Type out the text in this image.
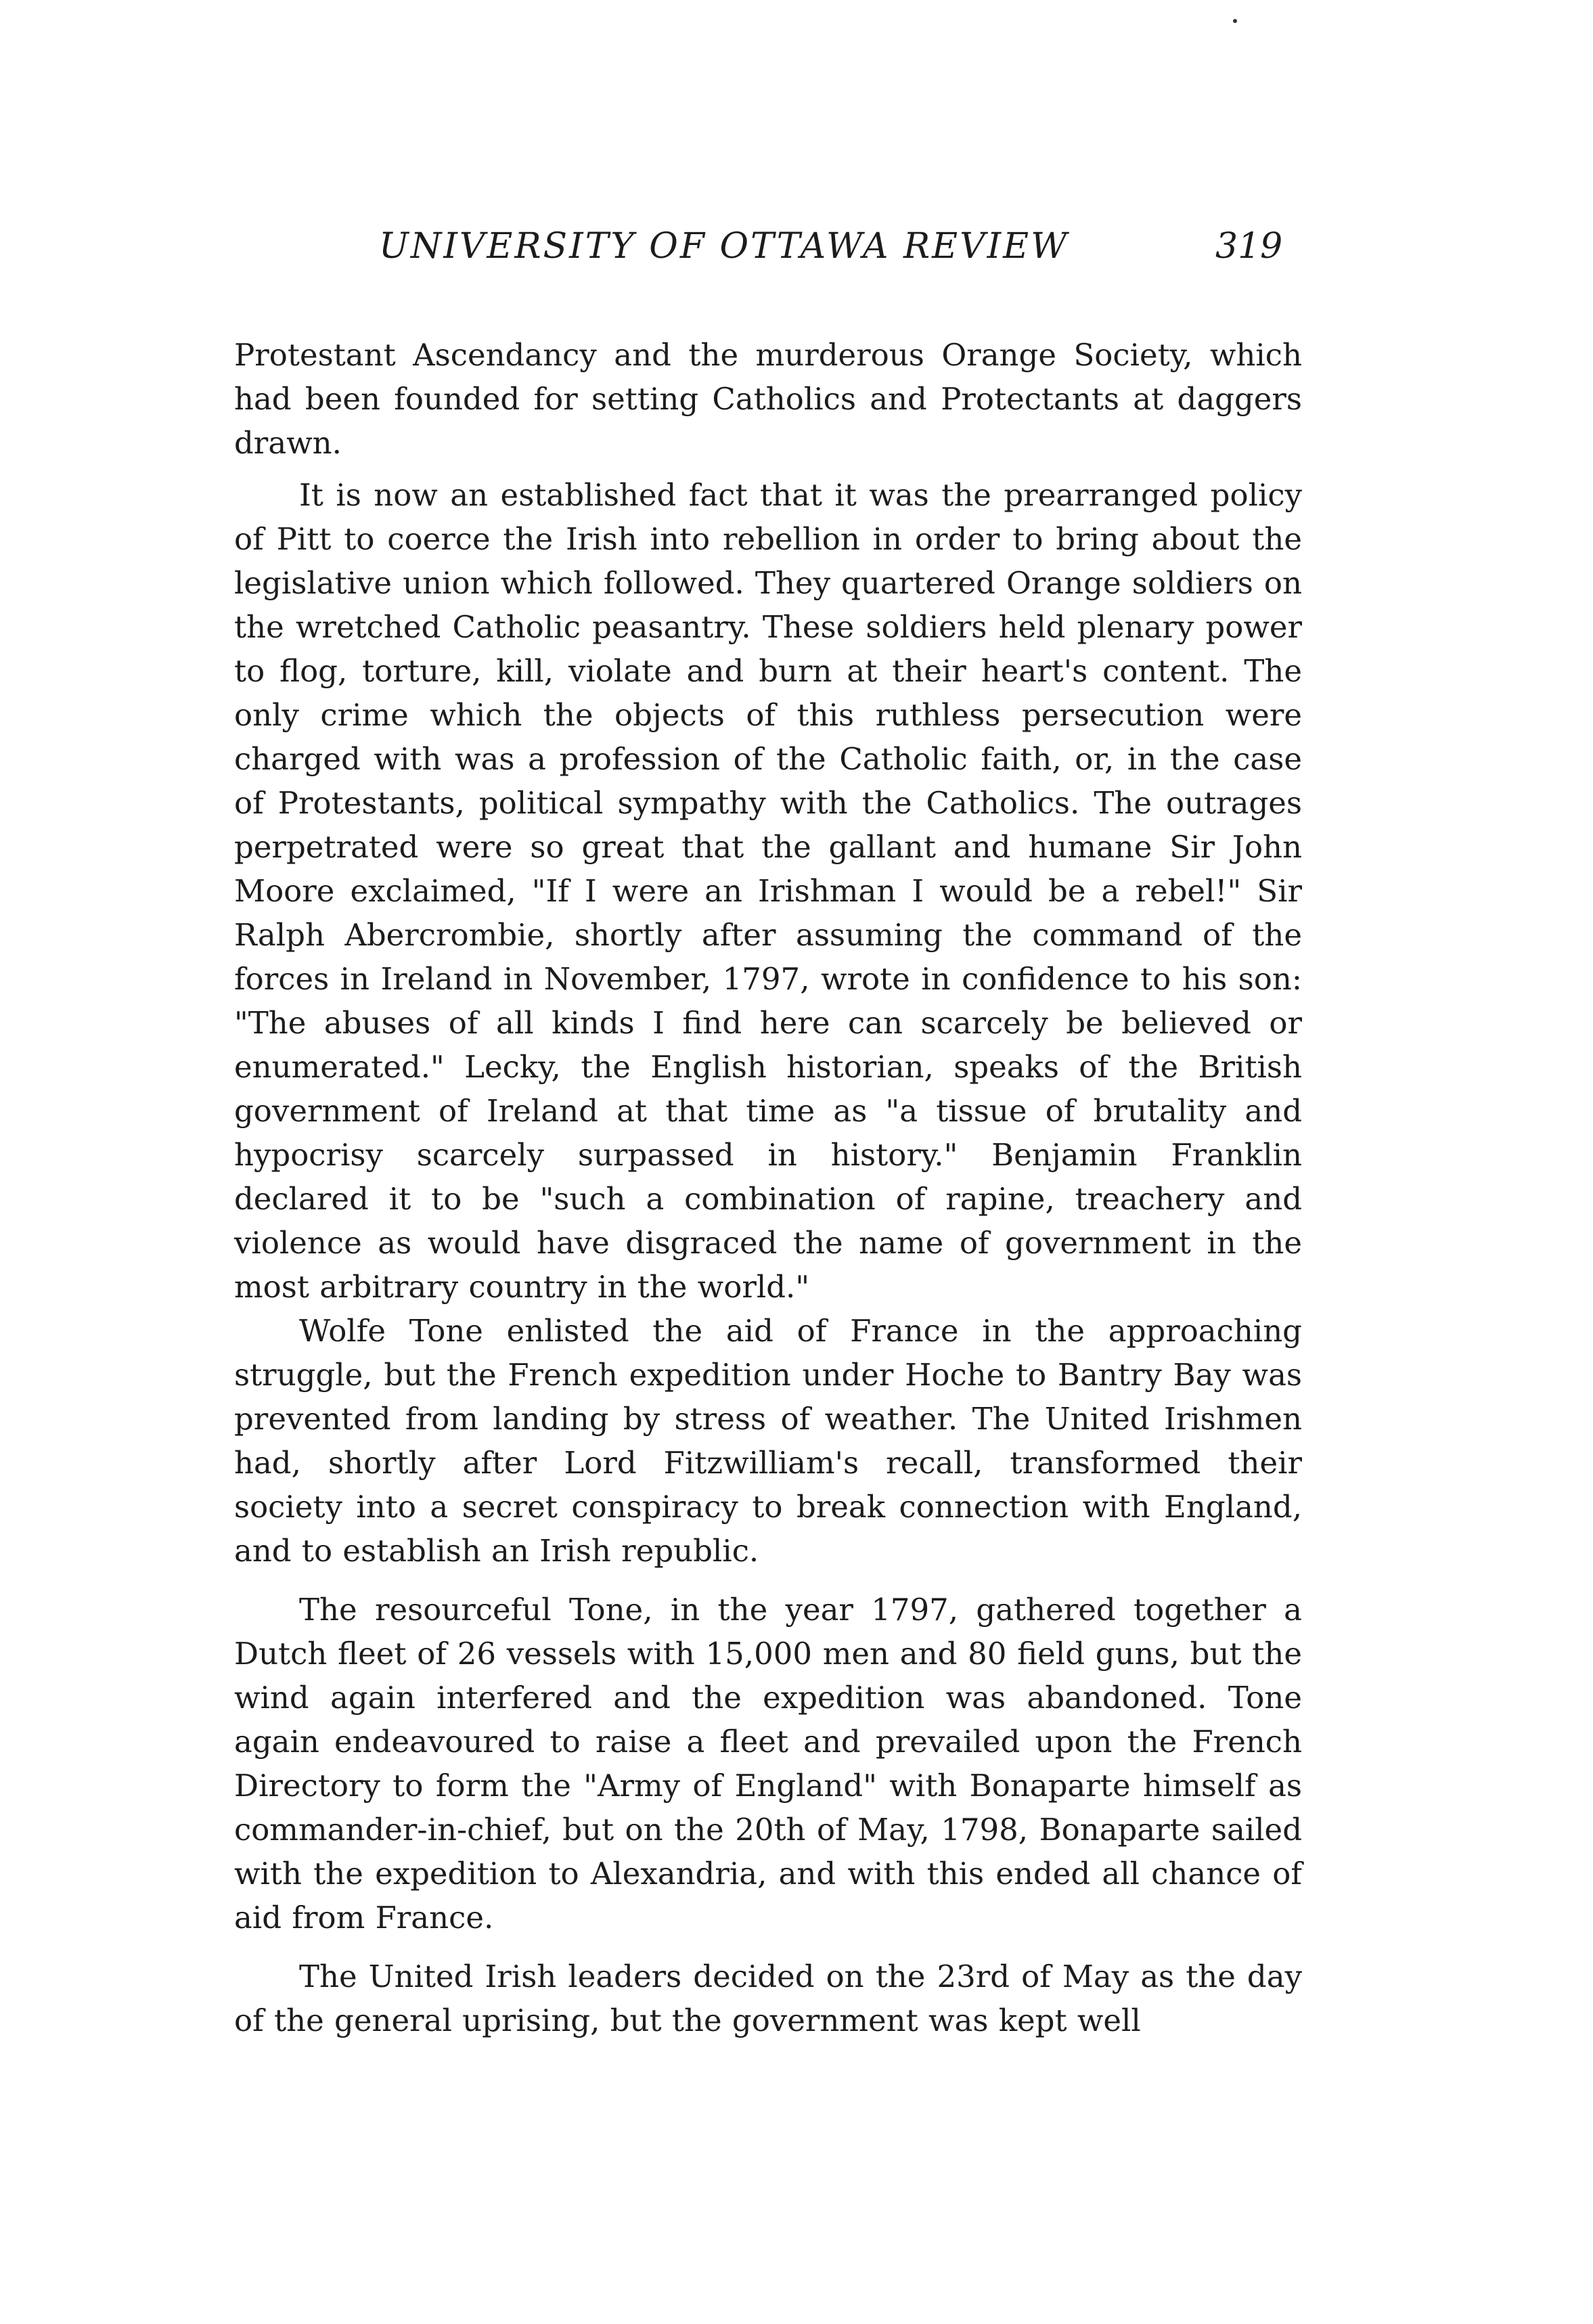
UNIVERSITY OF OTTAWA REVIEW	319

Protestant Ascendancy and the murderous Orange Society, which had been founded for setting Catholics and Protectants at daggers drawn.

It is now an established fact that it was the prearranged policy of Pitt to coerce the Irish into rebellion in order to bring about the legislative union which followed. They quartered Orange soldiers on the wretched Catholic peasantry. These soldiers held plenary power to flog, torture, kill, violate and burn at their heart's content. The only crime which the objects of this ruthless persecution were charged with was a profession of the Catholic faith, or, in the case of Protestants, political sympathy with the Catholics. The outrages perpetrated were so great that the gallant and humane Sir John Moore exclaimed, "If I were an Irishman I would be a rebel!" Sir Ralph Abercrombie, shortly after assuming the command of the forces in Ireland in November, 1797, wrote in confidence to his son: "The abuses of all kinds I find here can scarcely be believed or enumerated." Lecky, the English historian, speaks of the British government of Ireland at that time as "a tissue of brutality and hypocrisy scarcely surpassed in history." Benjamin Franklin declared it to be "such a combination of rapine, treachery and violence as would have disgraced the name of government in the most arbitrary country in the world."

Wolfe Tone enlisted the aid of France in the approaching struggle, but the French expedition under Hoche to Bantry Bay was prevented from landing by stress of weather. The United Irishmen had, shortly after Lord Fitzwilliam's recall, transformed their society into a secret conspiracy to break connection with England, and to establish an Irish republic.

The resourceful Tone, in the year 1797, gathered together a Dutch fleet of 26 vessels with 15,000 men and 80 field guns, but the wind again interfered and the expedition was abandoned. Tone again endeavoured to raise a fleet and prevailed upon the French Directory to form the "Army of England" with Bonaparte himself as commander-in-chief, but on the 20th of May, 1798, Bonaparte sailed with the expedition to Alexandria, and with this ended all chance of aid from France.

The United Irish leaders decided on the 23rd of May as the day of the general uprising, but the government was kept well
